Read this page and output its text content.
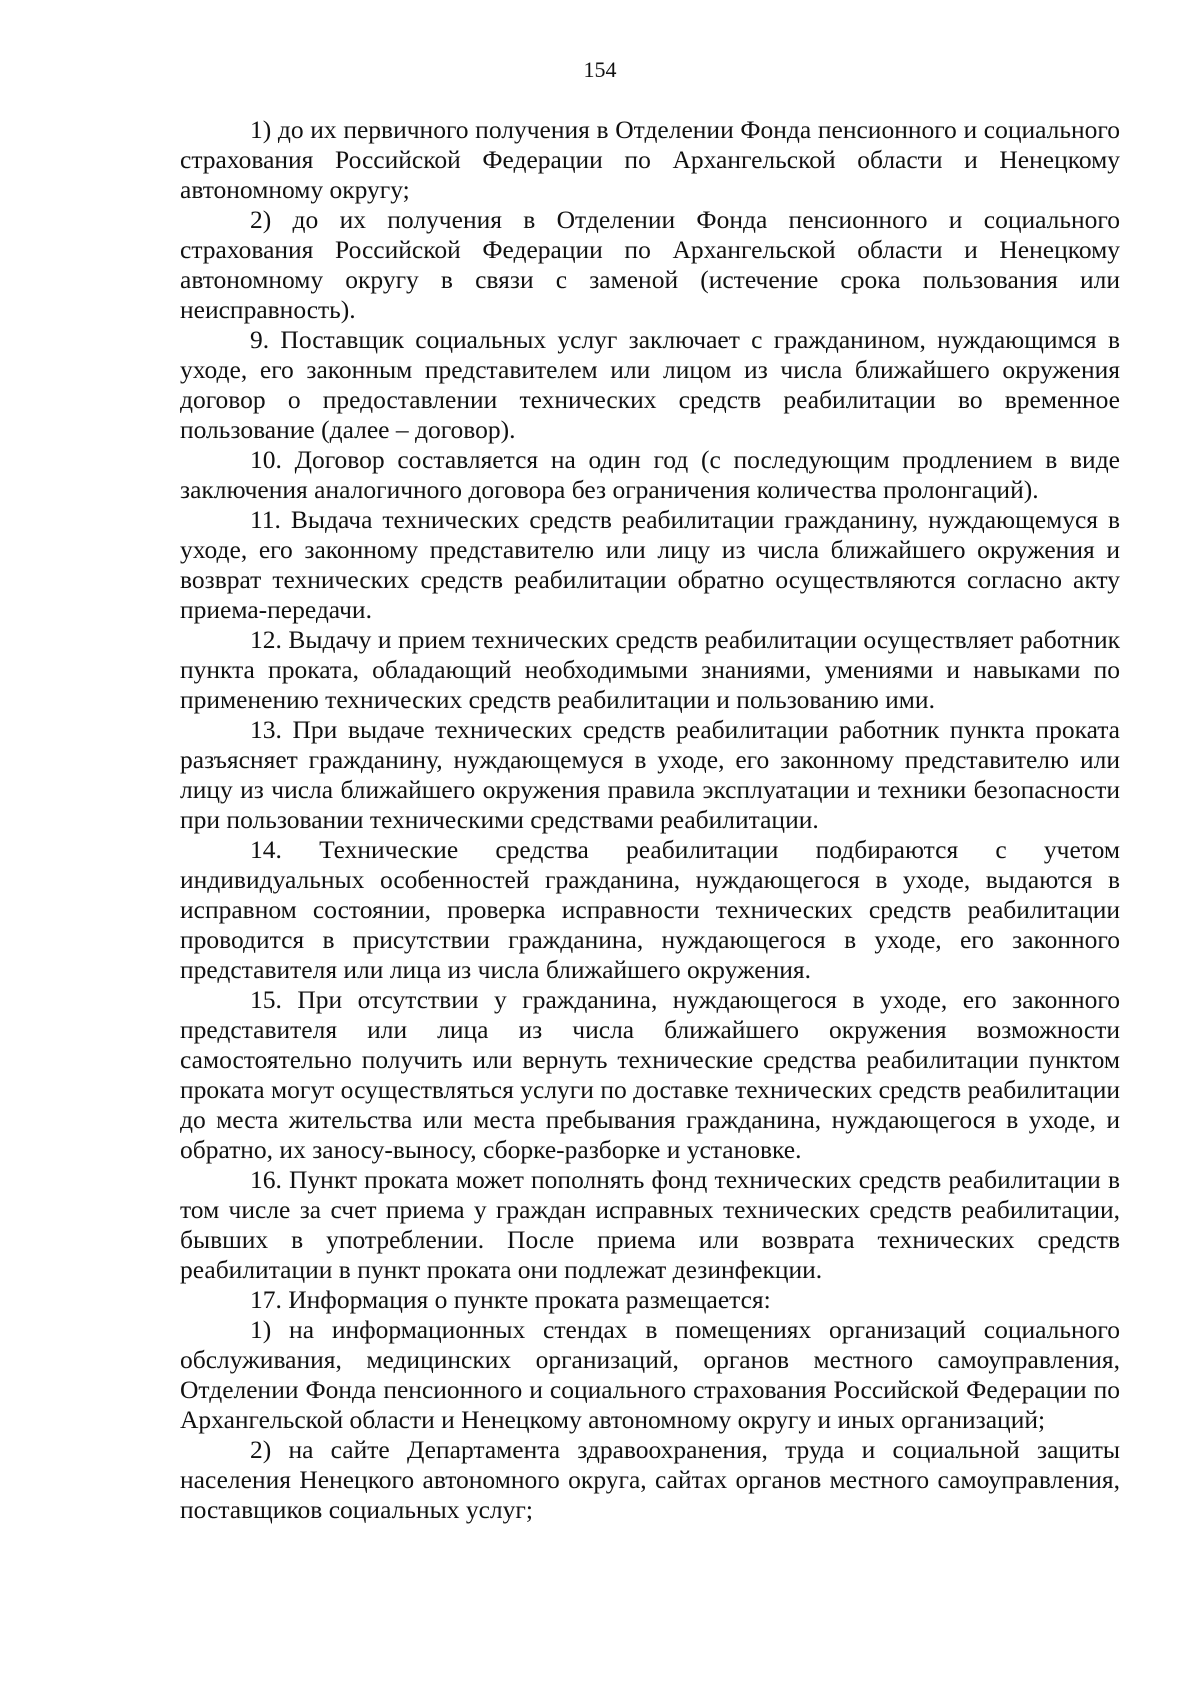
154

1) до их первичного получения в Отделении Фонда пенсионного и социального страхования Российской Федерации по Архангельской области и Ненецкому автономному округу;

2) до их получения в Отделении Фонда пенсионного и социального страхования Российской Федерации по Архангельской области и Ненецкому автономному округу в связи с заменой (истечение срока пользования или неисправность).

9. Поставщик социальных услуг заключает с гражданином, нуждающимся в уходе, его законным представителем или лицом из числа ближайшего окружения договор о предоставлении технических средств реабилитации во временное пользование (далее – договор).

10. Договор составляется на один год (с последующим продлением в виде заключения аналогичного договора без ограничения количества пролонгаций).

11. Выдача технических средств реабилитации гражданину, нуждающемуся в уходе, его законному представителю или лицу из числа ближайшего окружения и возврат технических средств реабилитации обратно осуществляются согласно акту приема-передачи.

12. Выдачу и прием технических средств реабилитации осуществляет работник пункта проката, обладающий необходимыми знаниями, умениями и навыками по применению технических средств реабилитации и пользованию ими.

13. При выдаче технических средств реабилитации работник пункта проката разъясняет гражданину, нуждающемуся в уходе, его законному представителю или лицу из числа ближайшего окружения правила эксплуатации и техники безопасности при пользовании техническими средствами реабилитации.

14. Технические средства реабилитации подбираются с учетом индивидуальных особенностей гражданина, нуждающегося в уходе, выдаются в исправном состоянии, проверка исправности технических средств реабилитации проводится в присутствии гражданина, нуждающегося в уходе, его законного представителя или лица из числа ближайшего окружения.

15. При отсутствии у гражданина, нуждающегося в уходе, его законного представителя или лица из числа ближайшего окружения возможности самостоятельно получить или вернуть технические средства реабилитации пунктом проката могут осуществляться услуги по доставке технических средств реабилитации до места жительства или места пребывания гражданина, нуждающегося в уходе, и обратно, их заносу-выносу, сборке-разборке и установке.

16. Пункт проката может пополнять фонд технических средств реабилитации в том числе за счет приема у граждан исправных технических средств реабилитации, бывших в употреблении. После приема или возврата технических средств реабилитации в пункт проката они подлежат дезинфекции.

17. Информация о пункте проката размещается:

1) на информационных стендах в помещениях организаций социального обслуживания, медицинских организаций, органов местного самоуправления, Отделении Фонда пенсионного и социального страхования Российской Федерации по Архангельской области и Ненецкому автономному округу и иных организаций;

2) на сайте Департамента здравоохранения, труда и социальной защиты населения Ненецкого автономного округа, сайтах органов местного самоуправления, поставщиков социальных услуг;
